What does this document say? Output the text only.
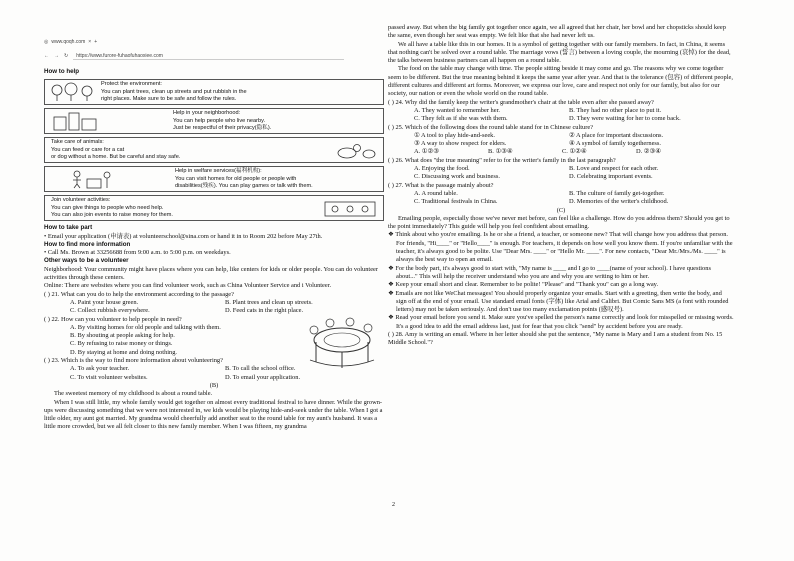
◎ www.qoqh.com × +
← → ↻	https://www.furore-fuhaofuhaoxiee.com

How to help

Protect the environment:

You can plant trees, clean up streets and put rubbish in the

right places. Make sure to be safe and follow the rules.

Help in your neighborhood:

You can help people who live nearby.

Just be respectful of their privacy(隐私).

Take care of animals:

You can feed or care for a cat

or dog without a home. But be careful and stay safe.

Help in welfare services(福利机构):

You can visit homes for old people or people with

disabilities(残疾). You can play games or talk with them.

Join volunteer activities:

You can give things to people who need help.

You can also join events to raise money for them.

How to take part

• Email your application (申请表) at volunteerschool@sina.com or hand it in to Room 202 before May 27th.

How to find more information

• Call Ms. Brown at 33256688 from 9:00 a.m. to 5:00 p.m. on weekdays.

Other ways to be a volunteer

Neighborhood: Your community might have places where you can help, like centers for kids or older people. You can do volunteer activities through these centers.

Online: There are websites where you can find volunteer work, such as China Volunteer Service and i Volunteer.

( ) 21. What can you do to help the environment according to the passage?

A. Paint your house green.	B. Plant trees and clean up streets.
C. Collect rubbish everywhere.	D. Feed cats in the right place.

( ) 22. How can you volunteer to help people in need?

A. By visiting homes for old people and talking with them.

B. By shouting at people asking for help.

C. By refusing to raise money or things.

D. By staying at home and doing nothing.

( ) 23. Which is the way to find more information about volunteering?

A. To ask your teacher.	B. To call the school office.
C. To visit volunteer websites.	D. To email your application.

(B)

The sweetest memory of my childhood is about a round table.

When I was still little, my whole family would get together on almost every traditional festival to have dinner. While the grown-ups were discussing something that we were not interested in, we kids would be playing hide-and-seek under the table. When I got a little older, my aunt got married. My grandma would cheerfully add another seat to the round table for my aunt's husband. It was a little more crowded, but we all felt closer to this new family member. When I was fifteen, my grandma

passed away. But when the big family got together once again, we all agreed that her chair, her bowl and her chopsticks should keep the same, even though her seat was empty. We felt like that she had never left us.

We all have a table like this in our homes. It is a symbol of getting together with our family members. In fact, in China, it seems that nothing can't be solved over a round table. The marriage vows (誓言) between a loving couple, the mourning (哀悼) for the dead, the talks between business partners can all happen on a round table.

The food on the table may change with time. The people sitting beside it may come and go. The reasons why we come together seem to be different. But the true meaning behind it keeps the same year after year. And that is the tolerance (包容) of different people, different cultures and different art forms. Moreover, we express our love, care and respect not only for our family, but also for our society, our nation or even the whole world on the round table.

( ) 24. Why did the family keep the writer's grandmother's chair at the table even after she passed away?

A. They wanted to remember her.	B. They had no other place to put it.
C. They felt as if she was with them.	D. They were waiting for her to come back.

( ) 25. Which of the following does the round table stand for in Chinese culture?

① A tool to play hide-and-seek.	② A place for important discussions.
③ A way to show respect for elders.	④ A symbol of family togetherness.
A. ①②③	B. ①③④	C. ①②④	D. ②③④

( ) 26. What does "the true meaning" refer to for the writer's family in the last paragraph?

A. Enjoying the food.	B. Love and respect for each other.
C. Discussing work and business.	D. Celebrating important events.

( ) 27. What is the passage mainly about?

A. A round table.	B. The culture of family get-together.
C. Traditional festivals in China.	D. Memories of the writer's childhood.

(C)

Emailing people, especially those we've never met before, can feel like a challenge. How do you address them? Should you get to the point immediately? This guide will help you feel confident about emailing.

❖ Think about who you're emailing. Is he or she a friend, a teacher, or someone new? That will change how you address that person. For friends, "Hi____" or "Hello____" is enough. For teachers, it depends on how well you know them. If you're unfamiliar with the teacher, it's always good to be polite. Use "Dear Mrs. ____" or "Hello Mr. ____". For new contacts, "Dear Mr./Mrs./Ms. ____" is always the best way to open an email.

❖ For the body part, it's always good to start with, "My name is ____ and I go to ____(name of your school). I have questions about..." This will help the receiver understand who you are and why you are writing to him or her.

❖ Keep your email short and clear. Remember to be polite! "Please" and "Thank you" can go a long way.

❖ Emails are not like WeChat messages! You should properly organize your emails. Start with a greeting, then write the body, and sign off at the end of your email. Use standard email fonts (字体) like Arial and Calibri. But Comic Sans MS (a font with rounded letters) may not be taken seriously. And don't use too many exclamation points (感叹号).

❖ Read your email before you send it. Make sure you've spelled the person's name correctly and look for misspelled or missing words. It's a good idea to add the email address last, just for fear that you click "send" by accident before you are ready.

( ) 28. Amy is writing an email. Where in her letter should she put the sentence, "My name is Mary and I am a student from No. 15 Middle School."?

2
